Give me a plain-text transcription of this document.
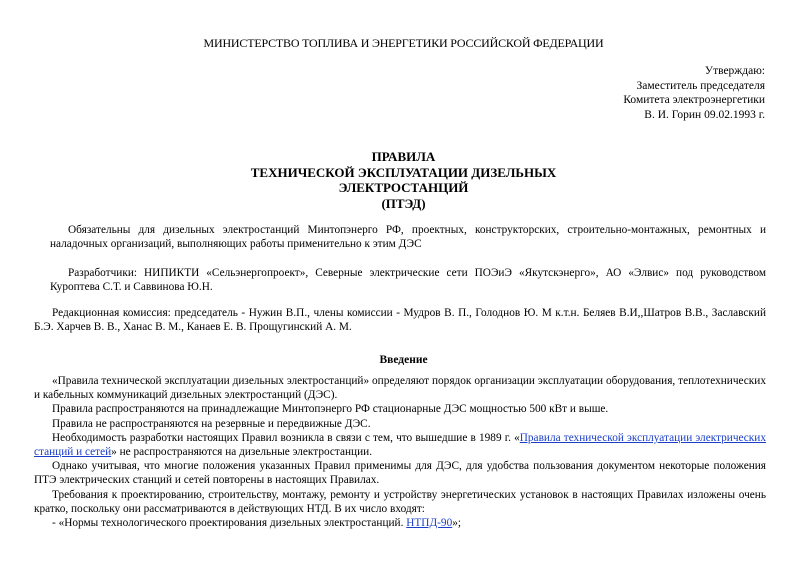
МИНИСТЕРСТВО ТОПЛИВА И ЭНЕРГЕТИКИ РОССИЙСКОЙ ФЕДЕРАЦИИ
Утверждаю:
Заместитель председателя
Комитета электроэнергетики
В. И. Горин 09.02.1993 г.
ПРАВИЛА
ТЕХНИЧЕСКОЙ ЭКСПЛУАТАЦИИ ДИЗЕЛЬНЫХ
ЭЛЕКТРОСТАНЦИЙ
(ПТЭД)

Обязательны для дизельных электростанций Минтопэнерго РФ, проектных, конструкторских, строительно-монтажных, ремонтных и наладочных организаций, выполняющих работы применительно к этим ДЭС

Разработчики: НИПИКТИ «Сельэнергопроект», Северные электрические сети ПОЭиЭ «Якутскэнерго», АО «Элвис» под руководством Куроптева С.Т. и Саввинова Ю.Н.

Редакционная комиссия: председатель - Нужин В.П., члены комиссии - Мудров В. П., Голоднов Ю. М к.т.н. Беляев В.И,,Шатров В.В., Заславский Б.Э. Харчев В. В., Ханас В. М., Канаев Е. В. Прощугинский А. М.

Введение

«Правила технической эксплуатации дизельных электростанций» определяют порядок организации эксплуатации оборудования, теплотехнических и кабельных коммуникаций дизельных электростанций (ДЭС).

Правила распространяются на принадлежащие Минтопэнерго РФ стационарные ДЭС мощностью 500 кВт и выше.

Правила не распространяются на резервные и передвижные ДЭС.

Необходимость разработки настоящих Правил возникла в связи с тем, что вышедшие в 1989 г. «Правила технической эксплуатации электрических станций и сетей» не распространяются на дизельные электростанции.

Однако учитывая, что многие положения указанных Правил применимы для ДЭС, для удобства пользования документом некоторые положения ПТЭ электрических станций и сетей повторены в настоящих Правилах.

Требования к проектированию, строительству, монтажу, ремонту и устройству энергетических установок в настоящих Правилах изложены очень кратко, поскольку они рассматриваются в действующих НТД. В их число входят:

- «Нормы технологического проектирования дизельных электростанций. НТПД-90»;
